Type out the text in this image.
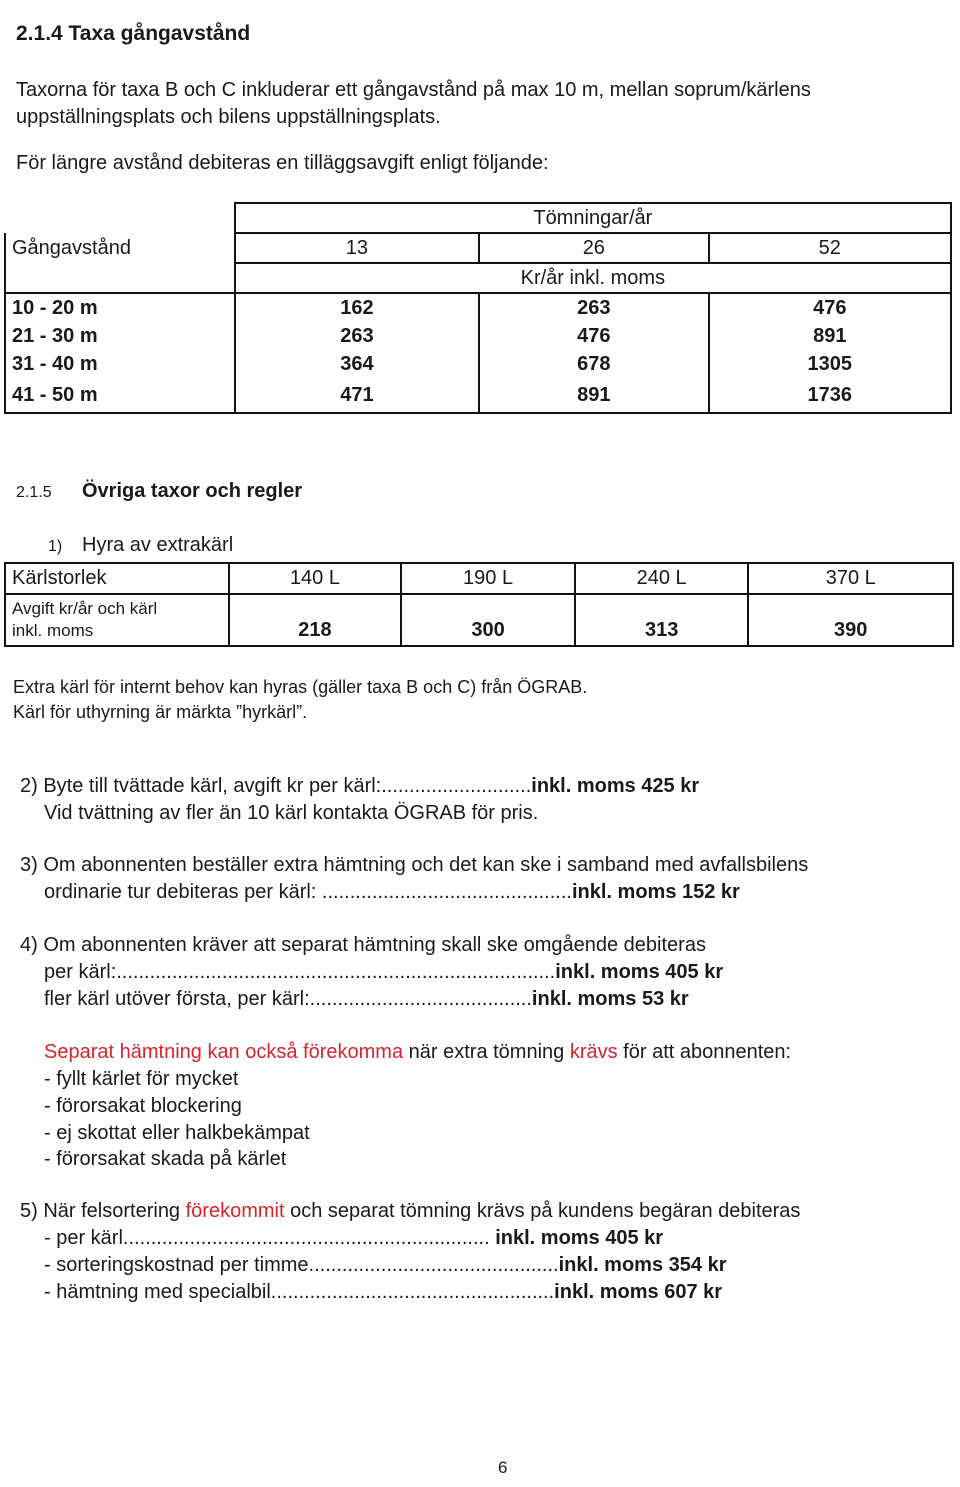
2.1.4 Taxa gångavstånd
Taxorna för taxa B och C inkluderar ett gångavstånd på max 10 m, mellan soprum/kärlens
uppställningsplats och bilens uppställningsplats.
För längre avstånd debiteras en tilläggsavgift enligt följande:
	Tömningar/år		
Gångavstånd	13	26	52
	Kr/år inkl. moms		
10 - 20 m	162	263	476
21 - 30 m	263	476	891
31 - 40 m	364	678	1305
41 - 50 m	471	891	1736
2.1.5 Övriga taxor och regler
1) Hyra av extrakärl
Kärlstorlek	140 L	190 L	240 L	370 L

Avgift kr/år och kärl
inkl. moms	218	300	313	390
Extra kärl för internt behov kan hyras (gäller taxa B och C) från ÖGRAB.
Kärl för uthyrning är märkta ”hyrkärl”.
2) Byte till tvättade kärl, avgift kr per kärl:...........................inkl. moms 425 kr
Vid tvättning av fler än 10 kärl kontakta ÖGRAB för pris.
3) Om abonnenten beställer extra hämtning och det kan ske i samband med avfallsbilens
ordinarie tur debiteras per kärl: .............................................inkl. moms 152 kr
4) Om abonnenten kräver att separat hämtning skall ske omgående debiteras
per kärl:...............................................................................inkl. moms 405 kr
fler kärl utöver första, per kärl:........................................inkl. moms 53 kr
Separat hämtning kan också förekomma när extra tömning krävs för att abonnenten:
- fyllt kärlet för mycket
- förorsakat blockering
- ej skottat eller halkbekämpat
- förorsakat skada på kärlet
5) När felsortering förekommit och separat tömning krävs på kundens begäran debiteras
- per kärl.................................................................. inkl. moms 405 kr
- sorteringskostnad per timme.............................................inkl. moms 354 kr
- hämtning med specialbil...................................................inkl. moms 607 kr
6
